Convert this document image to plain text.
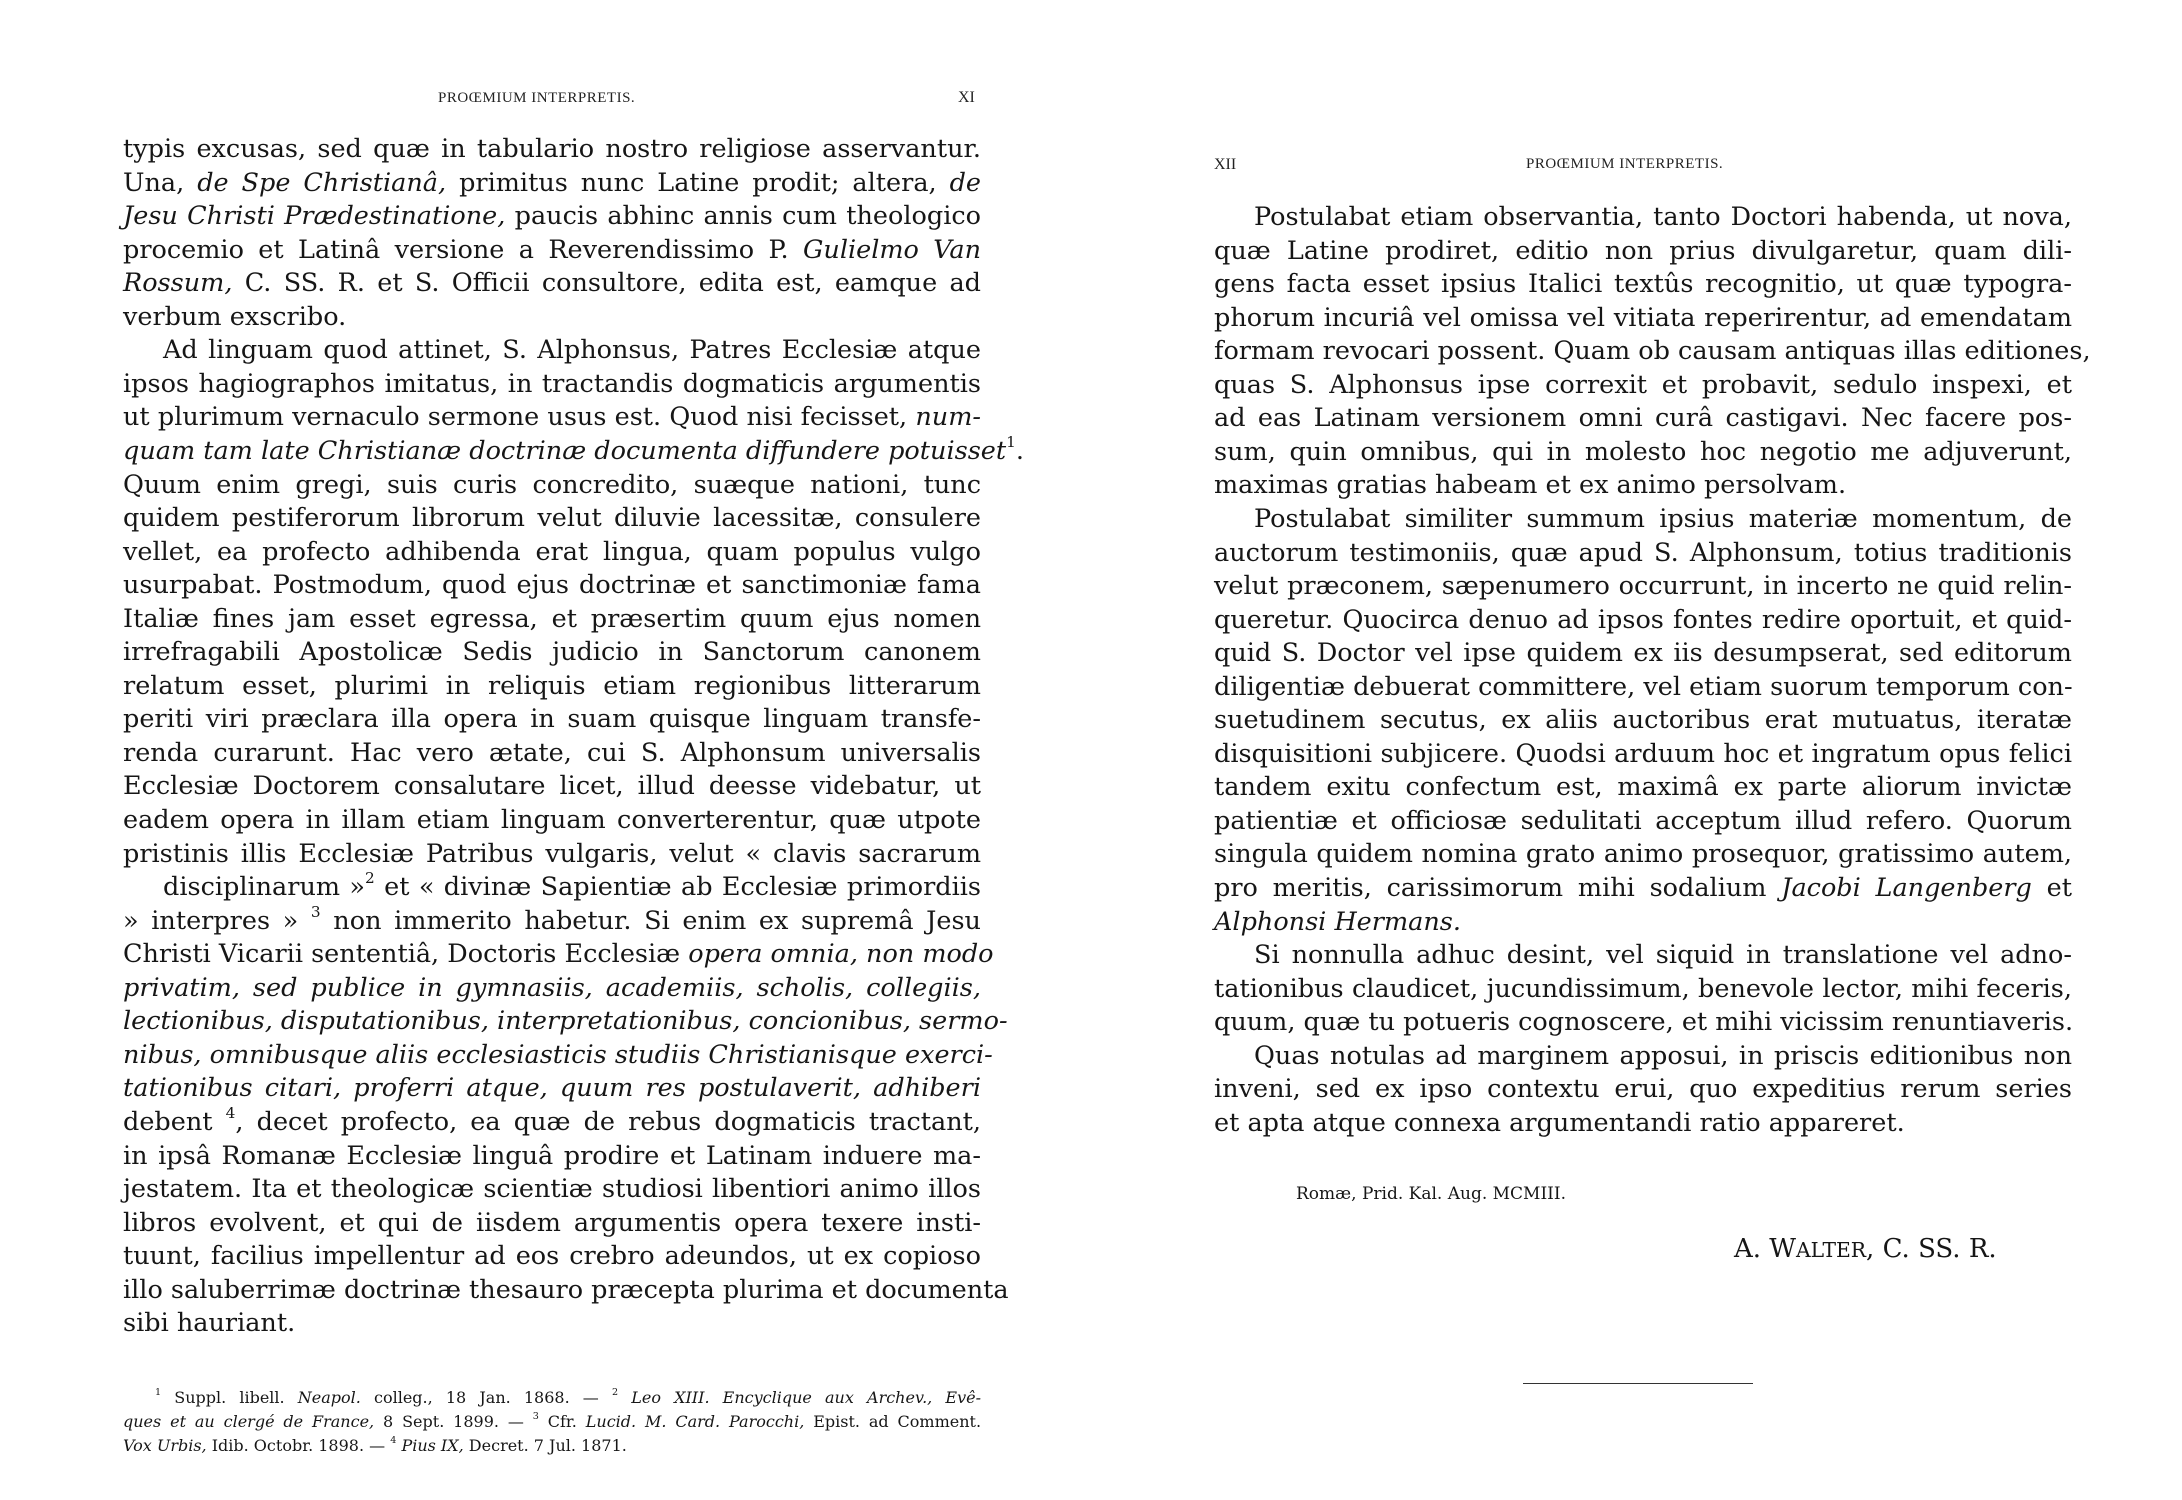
PROŒMIUM INTERPRETIS.	XI
typis excusas, sed quæ in tabulario nostro religiose asservantur.
Una, de Spe Christianâ, primitus nunc Latine prodit; altera, de
Jesu Christi Prædestinatione, paucis abhinc annis cum theologico
procemio et Latinâ versione a Reverendissimo P. Gulielmo Van
Rossum, C. SS. R. et S. Officii consultore, edita est, eamque ad
verbum exscribo.
Ad linguam quod attinet, S. Alphonsus, Patres Ecclesiæ atque
ipsos hagiographos imitatus, in tractandis dogmaticis argumentis
ut plurimum vernaculo sermone usus est. Quod nisi fecisset, num-
quam tam late Christianæ doctrinæ documenta diffundere potuisset$^1$.
Quum enim gregi, suis curis concredito, suæque nationi, tunc
quidem pestiferorum librorum velut diluvie lacessitæ, consulere
vellet, ea profecto adhibenda erat lingua, quam populus vulgo
usurpabat. Postmodum, quod ejus doctrinæ et sanctimoniæ fama
Italiæ fines jam esset egressa, et præsertim quum ejus nomen
irrefragabili Apostolicæ Sedis judicio in Sanctorum canonem
relatum esset, plurimi in reliquis etiam regionibus litterarum
periti viri præclara illa opera in suam quisque linguam transfe-
renda curarunt. Hac vero ætate, cui S. Alphonsum universalis
Ecclesiæ Doctorem consalutare licet, illud deesse videbatur, ut
eadem opera in illam etiam linguam converterentur, quæ utpote
pristinis illis Ecclesiæ Patribus vulgaris, velut « clavis sacrarum
disciplinarum »$^2$ et « divinæ Sapientiæ ab Ecclesiæ primordiis
» interpres » $^3$ non immerito habetur. Si enim ex supremâ Jesu
Christi Vicarii sententiâ, Doctoris Ecclesiæ opera omnia, non modo
privatim, sed publice in gymnasiis, academiis, scholis, collegiis,
lectionibus, disputationibus, interpretationibus, concionibus, sermo-
nibus, omnibusque aliis ecclesiasticis studiis Christianisque exerci-
tationibus citari, proferri atque, quum res postulaverit, adhiberi
debent $^4$, decet profecto, ea quæ de rebus dogmaticis tractant,
in ipsâ Romanæ Ecclesiæ linguâ prodire et Latinam induere ma-
jestatem. Ita et theologicæ scientiæ studiosi libentiori animo illos
libros evolvent, et qui de iisdem argumentis opera texere insti-
tuunt, facilius impellentur ad eos crebro adeundos, ut ex copioso
illo saluberrimæ doctrinæ thesauro præcepta plurima et documenta
sibi hauriant.
$^1$ Suppl. libell. Neapol. colleg., 18 Jan. 1868. — $^2$ Leo XIII. Encyclique aux Archev., Evê-
ques et au clergé de France, 8 Sept. 1899. — $^3$ Cfr. Lucid. M. Card. Parocchi, Epist. ad Comment.
Vox Urbis, Idib. Octobr. 1898. — $^4$ Pius IX, Decret. 7 Jul. 1871.
XII	PROŒMIUM INTERPRETIS.
Postulabat etiam observantia, tanto Doctori habenda, ut nova,
quæ Latine prodiret, editio non prius divulgaretur, quam dili-
gens facta esset ipsius Italici textûs recognitio, ut quæ typogra-
phorum incuriâ vel omissa vel vitiata reperirentur, ad emendatam
formam revocari possent. Quam ob causam antiquas illas editiones,
quas S. Alphonsus ipse correxit et probavit, sedulo inspexi, et
ad eas Latinam versionem omni curâ castigavi. Nec facere pos-
sum, quin omnibus, qui in molesto hoc negotio me adjuverunt,
maximas gratias habeam et ex animo persolvam.
Postulabat similiter summum ipsius materiæ momentum, de
auctorum testimoniis, quæ apud S. Alphonsum, totius traditionis
velut præconem, sæpenumero occurrunt, in incerto ne quid relin-
queretur. Quocirca denuo ad ipsos fontes redire oportuit, et quid-
quid S. Doctor vel ipse quidem ex iis desumpserat, sed editorum
diligentiæ debuerat committere, vel etiam suorum temporum con-
suetudinem secutus, ex aliis auctoribus erat mutuatus, iteratæ
disquisitioni subjicere. Quodsi arduum hoc et ingratum opus felici
tandem exitu confectum est, maximâ ex parte aliorum invictæ
patientiæ et officiosæ sedulitati acceptum illud refero. Quorum
singula quidem nomina grato animo prosequor, gratissimo autem,
pro meritis, carissimorum mihi sodalium Jacobi Langenberg et
Alphonsi Hermans.
Si nonnulla adhuc desint, vel siquid in translatione vel adno-
tationibus claudicet, jucundissimum, benevole lector, mihi feceris,
quum, quæ tu potueris cognoscere, et mihi vicissim renuntiaveris.
Quas notulas ad marginem apposui, in priscis editionibus non
inveni, sed ex ipso contextu erui, quo expeditius rerum series
et apta atque connexa argumentandi ratio appareret.
Romæ, Prid. Kal. Aug. MCMIII.
A. WALTER, C. SS. R.
